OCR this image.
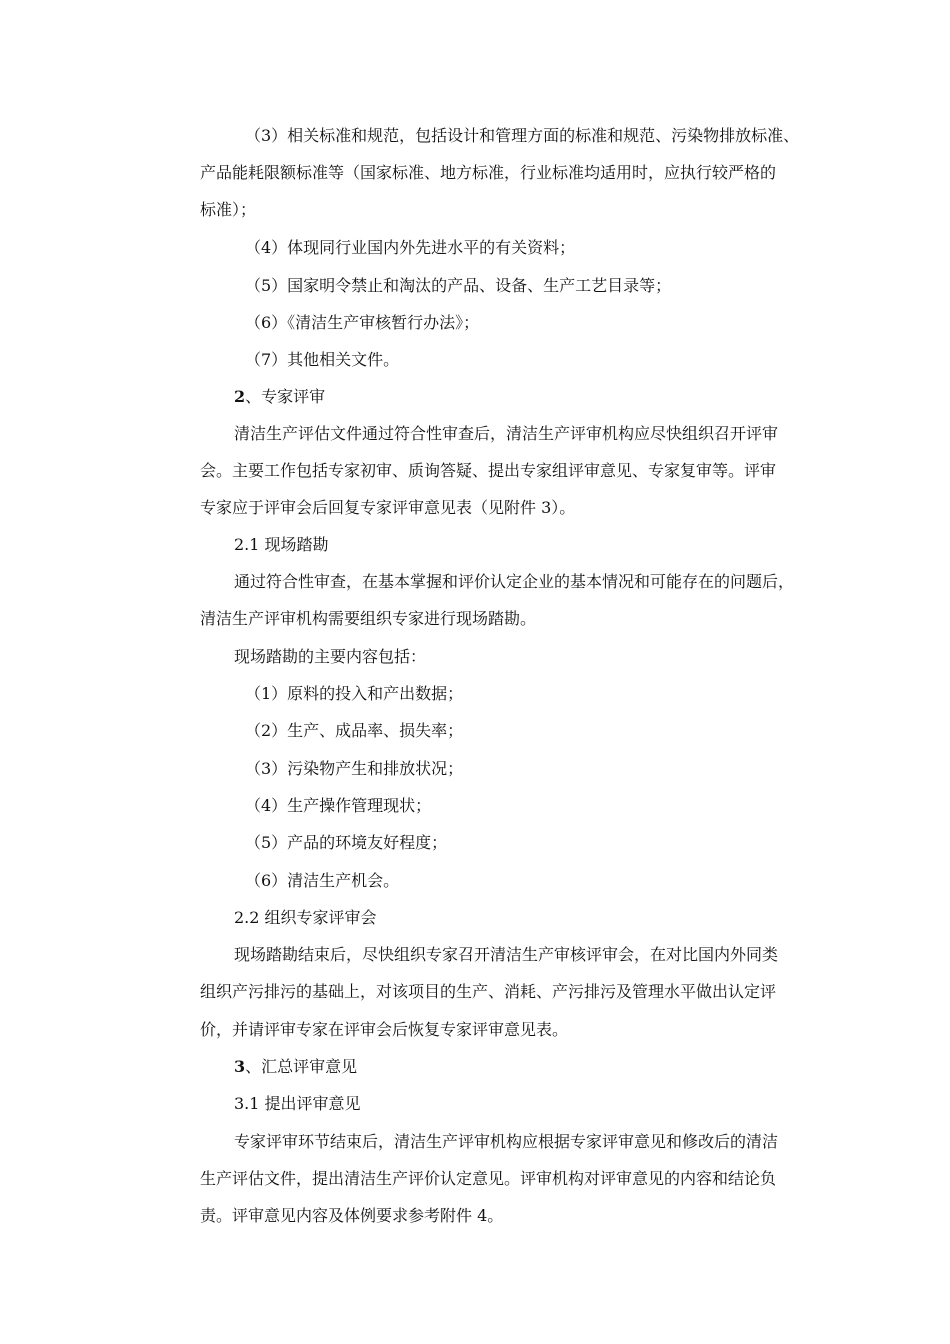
（3）相关标准和规范，包括设计和管理方面的标准和规范、污染物排放标准、
产品能耗限额标准等（国家标准、地方标准，行业标准均适用时，应执行较严格的
标准）；
（4）体现同行业国内外先进水平的有关资料；
（5）国家明令禁止和淘汰的产品、设备、生产工艺目录等；
（6）《清洁生产审核暂行办法》；
（7）其他相关文件。
2、专家评审
清洁生产评估文件通过符合性审查后，清洁生产评审机构应尽快组织召开评审
会。主要工作包括专家初审、质询答疑、提出专家组评审意见、专家复审等。评审
专家应于评审会后回复专家评审意见表（见附件 3）。
2.1 现场踏勘
通过符合性审查，在基本掌握和评价认定企业的基本情况和可能存在的问题后，
清洁生产评审机构需要组织专家进行现场踏勘。
现场踏勘的主要内容包括：
（1）原料的投入和产出数据；
（2）生产、成品率、损失率；
（3）污染物产生和排放状况；
（4）生产操作管理现状；
（5）产品的环境友好程度；
（6）清洁生产机会。
2.2 组织专家评审会
现场踏勘结束后，尽快组织专家召开清洁生产审核评审会，在对比国内外同类
组织产污排污的基础上，对该项目的生产、消耗、产污排污及管理水平做出认定评
价，并请评审专家在评审会后恢复专家评审意见表。
3、汇总评审意见
3.1 提出评审意见
专家评审环节结束后，清洁生产评审机构应根据专家评审意见和修改后的清洁
生产评估文件，提出清洁生产评价认定意见。评审机构对评审意见的内容和结论负
责。评审意见内容及体例要求参考附件 4。
